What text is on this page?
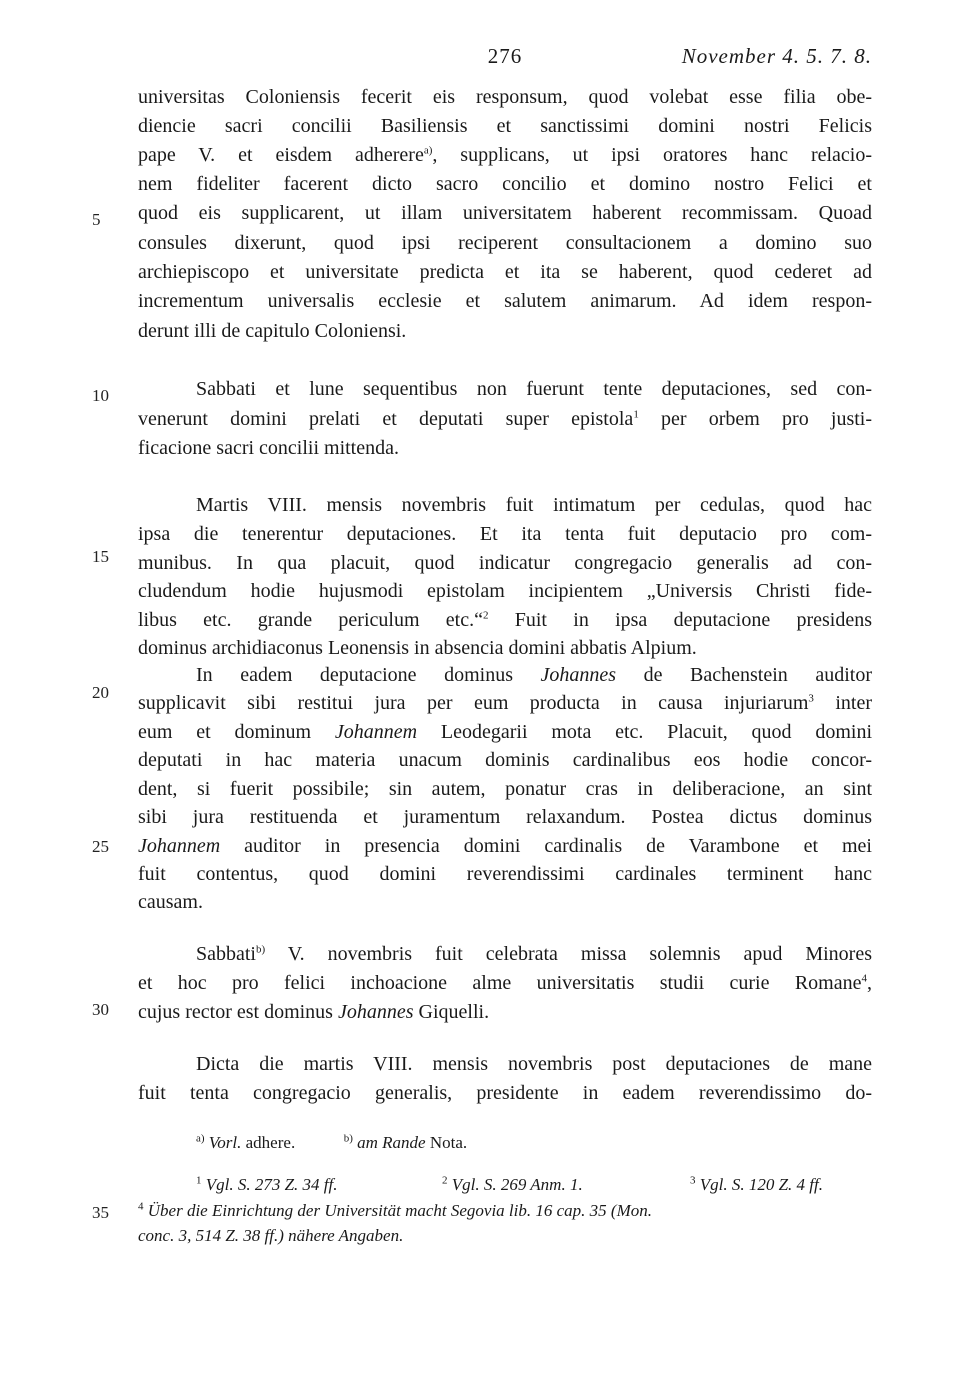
276	November 4. 5. 7. 8.
5
10
15
20
25
30
35
universitas Coloniensis fecerit eis responsum, quod volebat esse filia obe-
diencie sacri concilii Basiliensis et sanctissimi domini nostri Felicis
pape V. et eisdem adherere$^{a)}$, supplicans, ut ipsi oratores hanc relacio-
nem fideliter facerent dicto sacro concilio et domino nostro Felici et
quod eis supplicarent, ut illam universitatem haberent recommissam. Quoad
consules dixerunt, quod ipsi reciperent consultacionem a domino suo
archiepiscopo et universitate predicta et ita se haberent, quod cederet ad
incrementum universalis ecclesie et salutem animarum. Ad idem respon-
derunt illi de capitulo Coloniensi.
Sabbati et lune sequentibus non fuerunt tente deputaciones, sed con-
venerunt domini prelati et deputati super epistola$^1$ per orbem pro justi-
ficacione sacri concilii mittenda.
Martis VIII. mensis novembris fuit intimatum per cedulas, quod hac
ipsa die tenerentur deputaciones. Et ita tenta fuit deputacio pro com-
munibus. In qua placuit, quod indicatur congregacio generalis ad con-
cludendum hodie hujusmodi epistolam incipientem „Universis Christi fide-
libus etc. grande periculum etc.“$^2$ Fuit in ipsa deputacione presidens
dominus archidiaconus Leonensis in absencia domini abbatis Alpium.
In eadem deputacione dominus Johannes de Bachenstein auditor
supplicavit sibi restitui jura per eum producta in causa injuriarum$^3$ inter
eum et dominum Johannem Leodegarii mota etc. Placuit, quod domini
deputati in hac materia unacum dominis cardinalibus eos hodie concor-
dent, si fuerit possibile; sin autem, ponatur cras in deliberacione, an sint
sibi jura restituenda et juramentum relaxandum. Postea dictus dominus
Johannem auditor in presencia domini cardinalis de Varambone et mei
fuit contentus, quod domini reverendissimi cardinales terminent hanc
causam.
Sabbati$^{b)}$ V. novembris fuit celebrata missa solemnis apud Minores
et hoc pro felici inchoacione alme universitatis studii curie Romane$^4$,
cujus rector est dominus Johannes Giquelli.
Dicta die martis VIII. mensis novembris post deputaciones de mane
fuit tenta congregacio generalis, presidente in eadem reverendissimo do-
$^{a)}$ Vorl. adhere.	$^{b)}$ am Rande Nota.
$^1$ Vgl. S. 273 Z. 34 ff.	$^2$ Vgl. S. 269 Anm. 1.	$^3$ Vgl. S. 120 Z. 4 ff.
$^4$ Über die Einrichtung der Universität macht Segovia lib. 16 cap. 35 (Mon.
conc. 3, 514 Z. 38 ff.) nähere Angaben.
